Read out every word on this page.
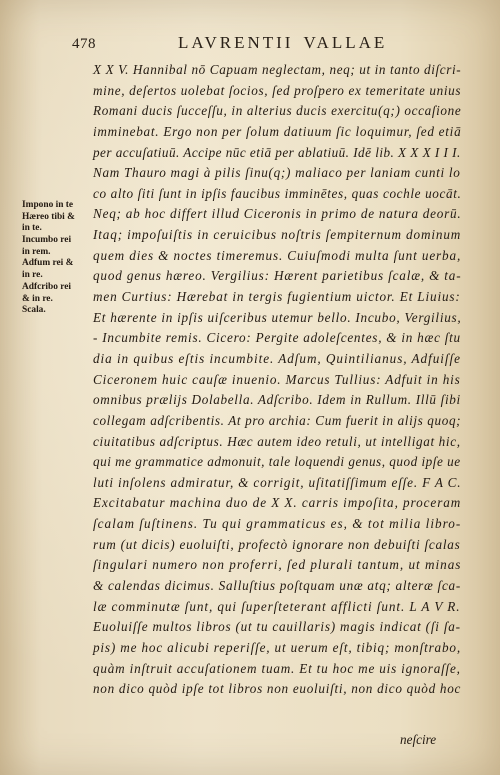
478	LAVRENTII VALLAE
Impono in te
Hæreo tibi &
in te.
Incumbo rei
in rem.
Adfum rei &
in re.
Adfcribo rei
& in re.
Scala.
X X V. Hannibal nō Capuam neglectam, neq; ut in tanto diſcri-
mine, deſertos uolebat ſocios, ſed proſpero ex temeritate unius
Romani ducis ſucceſſu, in alterius ducis exercitu(q;) occaſione
imminebat. Ergo non per ſolum datiuum ſic loquimur, ſed etiā
per accuſatiuū. Accipe nūc etiā per ablatiuū. Idē lib. X X X I I I.
Nam Thauro magi à pilis ſinu(q;) maliaco per laniam cunti lo
co alto ſiti ſunt in ipſis faucibus imminētes, quas cochle uocāt.
Neq; ab hoc differt illud Ciceronis in primo de natura deorū.
Itaq; impoſuiſtis in ceruicibus noſtris ſempiternum dominum
quem dies & noctes timeremus. Cuiuſmodi multa ſunt uerba,
quod genus hæreo. Vergilius: Hærent parietibus ſcalæ, & ta-
men Curtius: Hærebat in tergis fugientium uictor. Et Liuius:
Et hærente in ipſis uiſceribus utemur bello. Incubo, Vergilius,
- Incumbite remis. Cicero: Pergite adoleſcentes, & in hæc ſtu
dia in quibus eſtis incumbite. Adſum, Quintilianus, Adfuiſſe
Ciceronem huic cauſæ inuenio. Marcus Tullius: Adfuit in his
omnibus prælijs Dolabella. Adſcribo. Idem in Rullum. Illū ſibi
collegam adſcribentis. At pro archia: Cum fuerit in alijs quoq;
ciuitatibus adſcriptus. Hæc autem ideo retuli, ut intelligat hic,
qui me grammatice admonuit, tale loquendi genus, quod ipſe ue
luti inſolens admiratur, & corrigit, uſitatiſſimum eſſe. F A C.
Excitabatur machina duo de X X. carris impoſita, proceram
ſcalam ſuſtinens. Tu qui grammaticus es, & tot milia libro-
rum (ut dicis) euoluiſti, profectò ignorare non debuiſti ſcalas
ſingulari numero non proferri, ſed plurali tantum, ut minas
& calendas dicimus. Salluſtius poſtquam unæ atq; alteræ ſca-
læ comminutæ ſunt, qui ſuperſteterant afflicti ſunt. L A V R.
Euoluiſſe multos libros (ut tu cauillaris) magis indicat (ſi ſa-
pis) me hoc alicubi reperiſſe, ut uerum eſt, tibiq; monſtrabo,
quàm inſtruit accuſationem tuam. Et tu hoc me uis ignoraſſe,
non dico quòd ipſe tot libros non euoluiſti, non dico quòd hoc
neſcire
